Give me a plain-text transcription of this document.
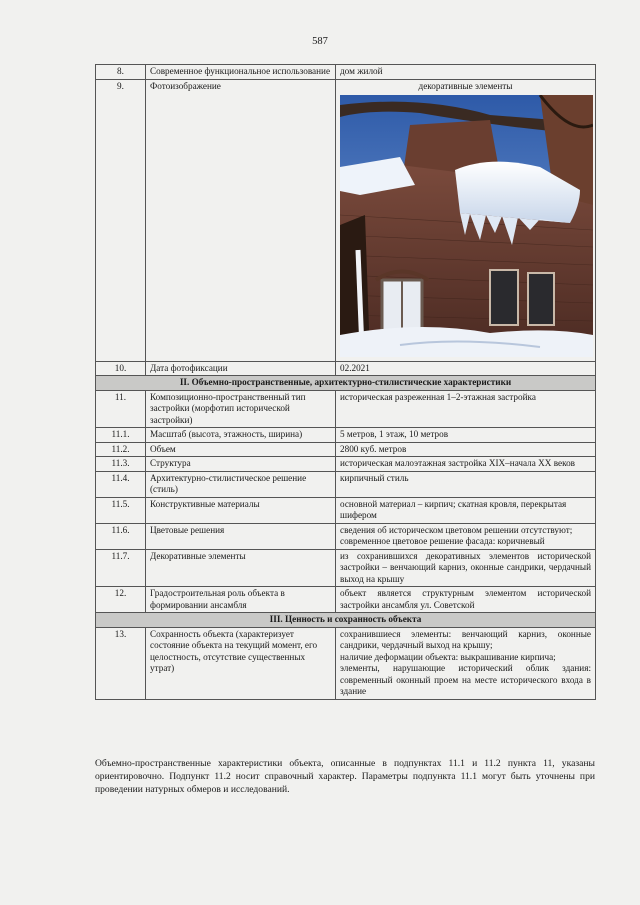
587
8.	Современное функциональное использование	дом жилой
9.	Фотоизображение	декоративные элементы

10.	Дата фотофиксации	02.2021
II. Объемно-пространственные, архитектурно-стилистические характеристики		
11.	Композиционно-пространственный тип застройки (морфотип исторической застройки)	историческая разреженная 1–2-этажная застройка
11.1.	Масштаб (высота, этажность, ширина)	5 метров, 1 этаж, 10 метров
11.2.	Объем	2800 куб. метров
11.3.	Структура	историческая малоэтажная застройка XIX–начала XX веков
11.4.	Архитектурно-стилистическое решение (стиль)	кирпичный стиль
11.5.	Конструктивные материалы	основной материал – кирпич; скатная кровля, перекрытая шифером
11.6.	Цветовые решения	сведения об историческом цветовом решении отсутствуют;
современное цветовое решение фасада: коричневый

11.7.	Декоративные элементы	из сохранившихся декоративных элементов исторической застройки – венчающий карниз, оконные сандрики, чердачный выход на крышу
12.	Градостроительная роль объекта в формировании ансамбля	объект является структурным элементом исторической застройки ансамбля ул. Советской
III. Ценность и сохранность объекта		
13.	Сохранность объекта (характеризует состояние объекта на текущий момент, его целостность, отсутствие существенных утрат)	сохранившиеся элементы: венчающий карниз, оконные сандрики, чердачный выход на крышу;
наличие деформации объекта: выкрашивание кирпича;
элементы, нарушающие исторический облик здания: современный оконный проем на месте исторического входа в здание
Объемно-пространственные характеристики объекта, описанные в подпунктах 11.1 и 11.2 пункта 11, указаны ориентировочно. Подпункт 11.2 носит справочный характер. Параметры подпункта 11.1 могут быть уточнены при проведении натурных обмеров и исследований.
